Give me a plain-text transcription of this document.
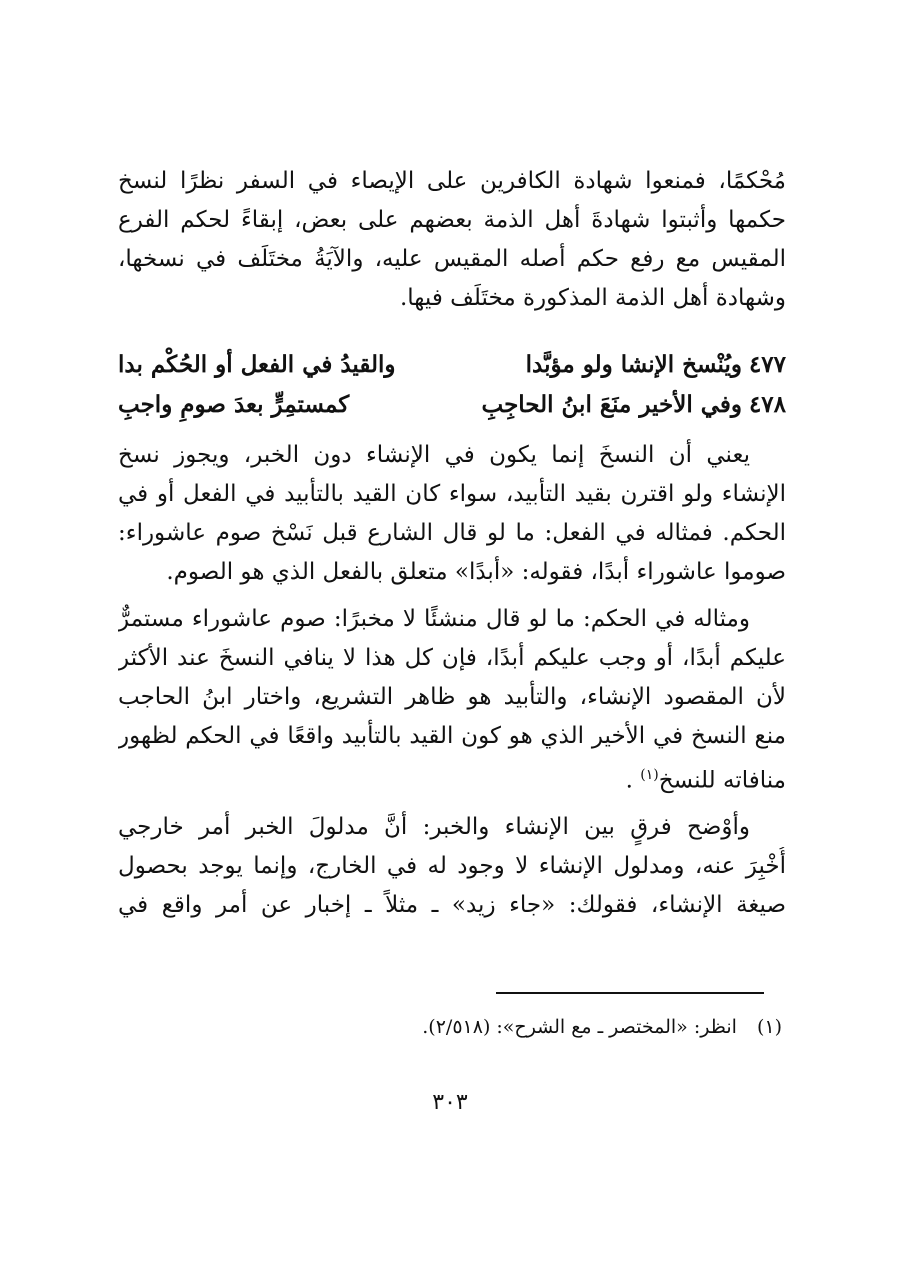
مُحْكمًا، فمنعوا شهادة الكافرين على الإيصاء في السفر نظرًا لنسخ
حكمها وأثبتوا شهادةَ أهل الذمة بعضهم على بعض، إبقاءً لحكم الفرع
المقيس مع رفع حكم أصله المقيس عليه، والآيَةُ مختَلَف في نسخها،
وشهادة أهل الذمة المذكورة مختَلَف فيها.
٤٧٧
ويُنْسخ الإنشا ولو مؤبَّدا
والقيدُ في الفعل أو الحُكْم بدا
٤٧٨
وفي الأخير منَعَ ابنُ الحاجِبِ
كمستمِرٍّ بعدَ صومِ واجبِ
يعني أن النسخَ إنما يكون في الإنشاء دون الخبر، ويجوز نسخ
الإنشاء ولو اقترن بقيد التأبيد، سواء كان القيد بالتأبيد في الفعل أو في
الحكم. فمثاله في الفعل: ما لو قال الشارع قبل نَسْخ صوم عاشوراء:
صوموا عاشوراء أبدًا، فقوله: «أبدًا» متعلق بالفعل الذي هو الصوم.
ومثاله في الحكم: ما لو قال منشئًا لا مخبرًا: صوم عاشوراء مستمرٌّ
عليكم أبدًا، أو وجب عليكم أبدًا، فإن كل هذا لا ينافي النسخَ عند الأكثر
لأن المقصود الإنشاء، والتأبيد هو ظاهر التشريع، واختار ابنُ الحاجب
منع النسخ في الأخير الذي هو كون القيد بالتأبيد واقعًا في الحكم لظهور
منافاته للنسخ$^{(١)}$ .
وأوْضح فرقٍ بين الإنشاء والخبر: أنَّ مدلولَ الخبر أمر خارجي
أُخْبِرَ عنه، ومدلول الإنشاء لا وجود له في الخارج، وإنما يوجد بحصول
صيغة الإنشاء، فقولك: «جاء زيد» ـ مثلاً ـ إخبار عن أمر واقع في
(١) انظر: «المختصر ـ مع الشرح»: (٢/٥١٨).
٣٠٣
